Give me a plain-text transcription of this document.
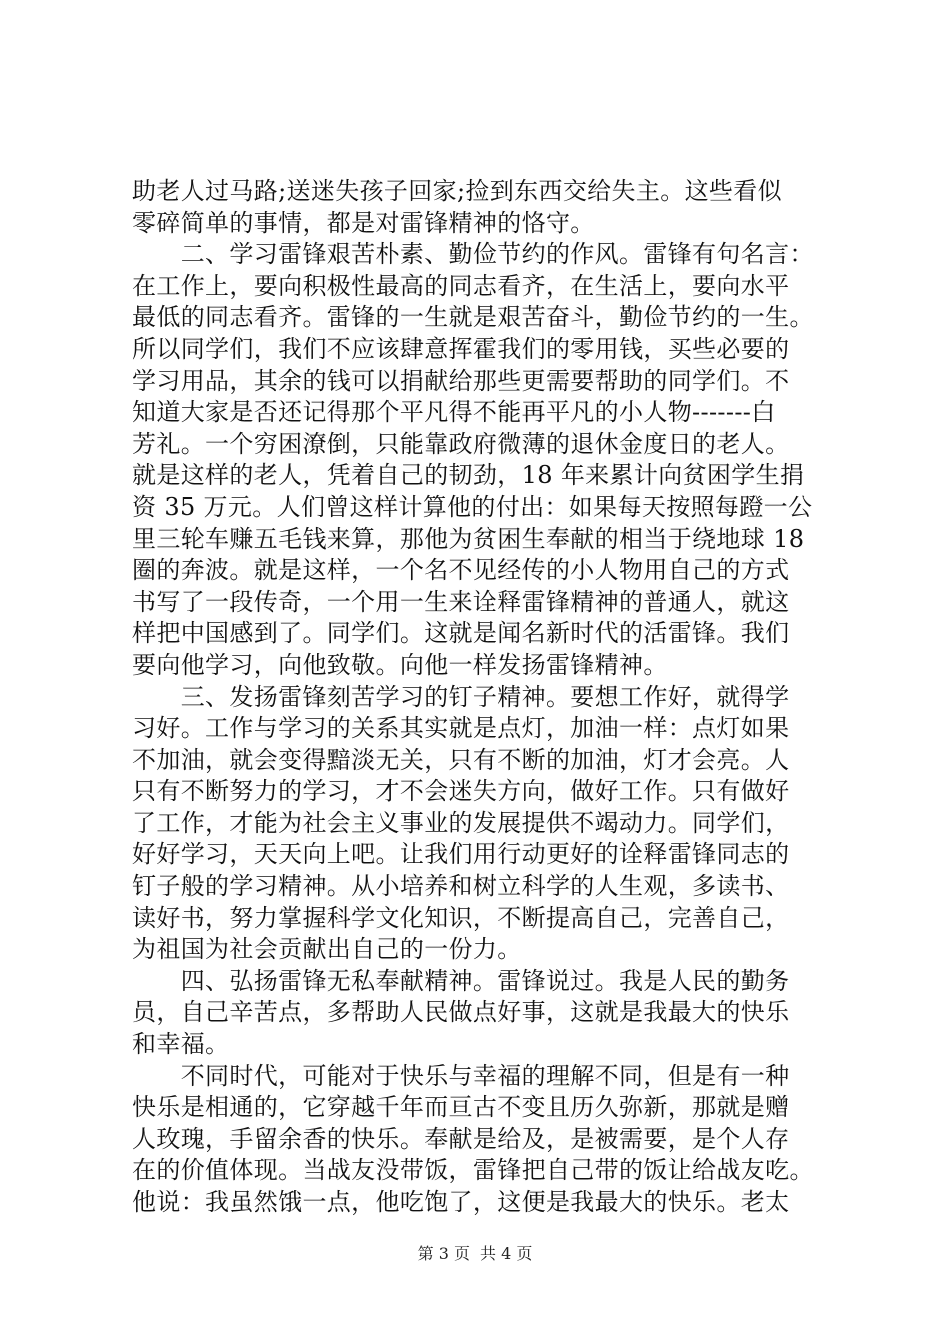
助老人过马路;送迷失孩子回家;捡到东西交给失主。这些看似
零碎简单的事情，都是对雷锋精神的恪守。
　　二、学习雷锋艰苦朴素、勤俭节约的作风。雷锋有句名言：
在工作上，要向积极性最高的同志看齐，在生活上，要向水平
最低的同志看齐。雷锋的一生就是艰苦奋斗，勤俭节约的一生。
所以同学们，我们不应该肆意挥霍我们的零用钱，买些必要的
学习用品，其余的钱可以捐献给那些更需要帮助的同学们。不
知道大家是否还记得那个平凡得不能再平凡的小人物-------白
芳礼。一个穷困潦倒，只能靠政府微薄的退休金度日的老人。
就是这样的老人，凭着自己的韧劲，18 年来累计向贫困学生捐
资 35 万元。人们曾这样计算他的付出：如果每天按照每蹬一公
里三轮车赚五毛钱来算，那他为贫困生奉献的相当于绕地球 18
圈的奔波。就是这样，一个名不见经传的小人物用自己的方式
书写了一段传奇，一个用一生来诠释雷锋精神的普通人，就这
样把中国感到了。同学们。这就是闻名新时代的活雷锋。我们
要向他学习，向他致敬。向他一样发扬雷锋精神。
　　三、发扬雷锋刻苦学习的钉子精神。要想工作好，就得学
习好。工作与学习的关系其实就是点灯，加油一样：点灯如果
不加油，就会变得黯淡无关，只有不断的加油，灯才会亮。人
只有不断努力的学习，才不会迷失方向，做好工作。只有做好
了工作，才能为社会主义事业的发展提供不竭动力。同学们，
好好学习，天天向上吧。让我们用行动更好的诠释雷锋同志的
钉子般的学习精神。从小培养和树立科学的人生观，多读书、
读好书，努力掌握科学文化知识，不断提高自己，完善自己，
为祖国为社会贡献出自己的一份力。
　　四、弘扬雷锋无私奉献精神。雷锋说过。我是人民的勤务
员，自己辛苦点，多帮助人民做点好事，这就是我最大的快乐
和幸福。
　　不同时代，可能对于快乐与幸福的理解不同，但是有一种
快乐是相通的，它穿越千年而亘古不变且历久弥新，那就是赠
人玫瑰，手留余香的快乐。奉献是给及，是被需要，是个人存
在的价值体现。当战友没带饭，雷锋把自己带的饭让给战友吃。
他说：我虽然饿一点，他吃饱了，这便是我最大的快乐。老太
第 3 页 共 4 页
